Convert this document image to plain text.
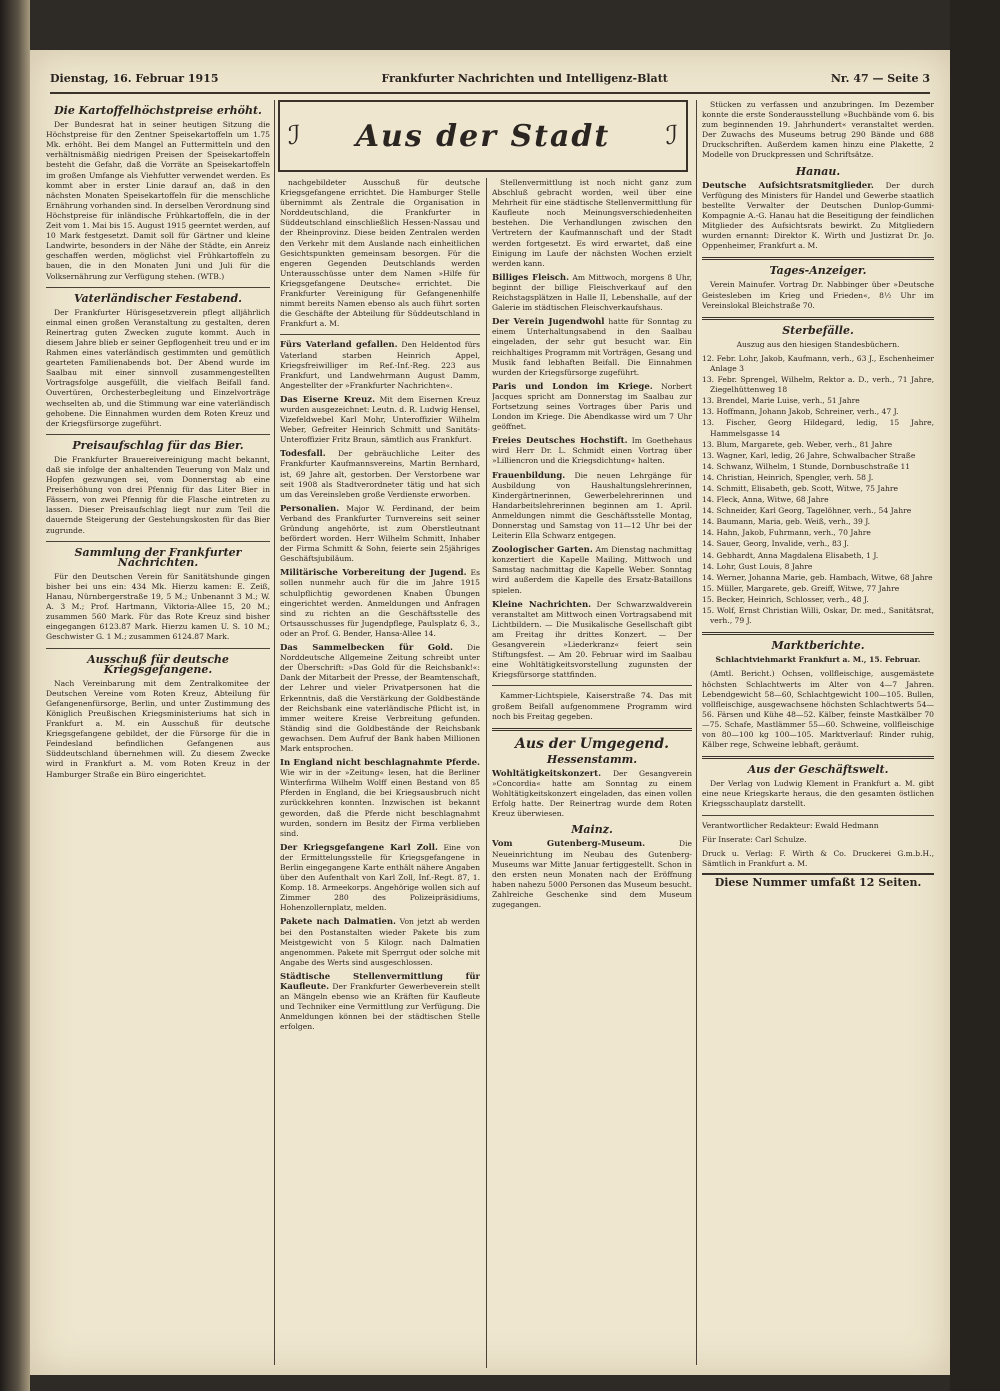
Dienstag, 16. Februar 1915	Frankfurter Nachrichten und Intelligenz-Blatt	Nr. 47 — Seite 3
Die Kartoffelhöchstpreise erhöht.

Der Bundesrat hat in seiner heutigen Sitzung die Höchstpreise für den Zentner Speisekartoffeln um 1.75 Mk. erhöht. Bei dem Mangel an Futtermitteln und den verhältnismäßig niedrigen Preisen der Speisekartoffeln besteht die Gefahr, daß die Vorräte an Speisekartoffeln im großen Umfange als Viehfutter verwendet werden. Es kommt aber in erster Linie darauf an, daß in den nächsten Monaten Speisekartoffeln für die menschliche Ernährung vorhanden sind. In derselben Verordnung sind Höchstpreise für inländische Frühkartoffeln, die in der Zeit vom 1. Mai bis 15. August 1915 geerntet werden, auf 10 Mark festgesetzt. Damit soll für Gärtner und kleine Landwirte, besonders in der Nähe der Städte, ein Anreiz geschaffen werden, möglichst viel Frühkartoffeln zu bauen, die in den Monaten Juni und Juli für die Volksernährung zur Verfügung stehen. (WTB.)

Vaterländischer Festabend.

Der Frankfurter Hürisgesetzverein pflegt alljährlich einmal einen großen Veranstaltung zu gestalten, deren Reinertrag guten Zwecken zugute kommt. Auch in diesem Jahre blieb er seiner Gepflogenheit treu und er im Rahmen eines vaterländisch gestimmten und gemütlich gearteten Familienabends bot. Der Abend wurde im Saalbau mit einer sinnvoll zusammengestellten Vortragsfolge ausgefüllt, die vielfach Beifall fand. Ouvertüren, Orchesterbegleitung und Einzelvorträge wechselten ab, und die Stimmung war eine vaterländisch gehobene. Die Einnahmen wurden dem Roten Kreuz und der Kriegsfürsorge zugeführt.

Preisaufschlag für das Bier.

Die Frankfurter Brauereivereinigung macht bekannt, daß sie infolge der anhaltenden Teuerung von Malz und Hopfen gezwungen sei, vom Donnerstag ab eine Preiserhöhung von drei Pfennig für das Liter Bier in Fässern, von zwei Pfennig für die Flasche eintreten zu lassen. Dieser Preisaufschlag liegt nur zum Teil die dauernde Steigerung der Gestehungskosten für das Bier zugrunde.

Sammlung der Frankfurter Nachrichten.

Für den Deutschen Verein für Sanitätshunde gingen bisher bei uns ein: 434 Mk. Hierzu kamen: E. Zeiß, Hanau, Nürnbergerstraße 19, 5 M.; Unbenannt 3 M.; W. A. 3 M.; Prof. Hartmann, Viktoria-Allee 15, 20 M.; zusammen 560 Mark. Für das Rote Kreuz sind bisher eingegangen 6123.87 Mark. Hierzu kamen U. S. 10 M.; Geschwister G. 1 M.; zusammen 6124.87 Mark.

Ausschuß für deutsche Kriegsgefangene.

Nach Vereinbarung mit dem Zentralkomitee der Deutschen Vereine vom Roten Kreuz, Abteilung für Gefangenenfürsorge, Berlin, und unter Zustimmung des Königlich Preußischen Kriegsministeriums hat sich in Frankfurt a. M. ein Ausschuß für deutsche Kriegsgefangene gebildet, der die Fürsorge für die in Feindesland befindlichen Gefangenen aus Süddeutschland übernehmen will. Zu diesem Zwecke wird in Frankfurt a. M. vom Roten Kreuz in der Hamburger Straße ein Büro eingerichtet.

ℐ Aus der Stadt ℐ

nachgebildeter Ausschuß für deutsche Kriegsgefangene errichtet. Die Hamburger Stelle übernimmt als Zentrale die Organisation in Norddeutschland, die Frankfurter in Süddeutschland einschließlich Hessen-Nassau und der Rheinprovinz. Diese beiden Zentralen werden den Verkehr mit dem Auslande nach einheitlichen Gesichtspunkten gemeinsam besorgen. Für die engeren Gegenden Deutschlands werden Unterausschüsse unter dem Namen »Hilfe für Kriegsgefangene Deutsche« errichtet. Die Frankfurter Vereinigung für Gefangenenhilfe nimmt bereits Namen ebenso als auch führt sorten die Geschäfte der Abteilung für Süddeutschland in Frankfurt a. M.

Fürs Vaterland gefallen. Den Heldentod fürs Vaterland starben Heinrich Appel, Kriegsfreiwilliger im Ref.-Inf.-Reg. 223 aus Frankfurt, und Landwehrmann August Damm, Angestellter der »Frankfurter Nachrichten«.

Das Eiserne Kreuz. Mit dem Eisernen Kreuz wurden ausgezeichnet: Leutn. d. R. Ludwig Hensel, Vizefeldwebel Karl Mohr, Unteroffizier Wilhelm Weber, Gefreiter Heinrich Schmitt und Sanitäts-Unteroffizier Fritz Braun, sämtlich aus Frankfurt.

Todesfall. Der gebräuchliche Leiter des Frankfurter Kaufmannsvereins, Martin Bernhard, ist, 69 Jahre alt, gestorben. Der Verstorbene war seit 1908 als Stadtverordneter tätig und hat sich um das Vereinsleben große Verdienste erworben.

Personalien. Major W. Ferdinand, der beim Verband des Frankfurter Turnvereins seit seiner Gründung angehörte, ist zum Oberstleutnant befördert worden. Herr Wilhelm Schmitt, Inhaber der Firma Schmitt & Sohn, feierte sein 25jähriges Geschäftsjubiläum.

Militärische Vorbereitung der Jugend. Es sollen nunmehr auch für die im Jahre 1915 schulpflichtig gewordenen Knaben Übungen eingerichtet werden. Anmeldungen und Anfragen sind zu richten an die Geschäftsstelle des Ortsausschusses für Jugendpflege, Paulsplatz 6, 3., oder an Prof. G. Bender, Hansa-Allee 14.

Das Sammelbecken für Gold. Die Norddeutsche Allgemeine Zeitung schreibt unter der Überschrift: »Das Gold für die Reichsbank!«: Dank der Mitarbeit der Presse, der Beamtenschaft, der Lehrer und vieler Privatpersonen hat die Erkenntnis, daß die Verstärkung der Goldbestände der Reichsbank eine vaterländische Pflicht ist, in immer weitere Kreise Verbreitung gefunden. Ständig sind die Goldbestände der Reichsbank gewachsen. Dem Aufruf der Bank haben Millionen Mark entsprochen.

In England nicht beschlagnahmte Pferde. Wie wir in der »Zeitung« lesen, hat die Berliner Winterfirma Wilhelm Wolff einen Bestand von 85 Pferden in England, die bei Kriegsausbruch nicht zurückkehren konnten. Inzwischen ist bekannt geworden, daß die Pferde nicht beschlagnahmt wurden, sondern im Besitz der Firma verblieben sind.

Der Kriegsgefangene Karl Zoll. Eine von der Ermittelungsstelle für Kriegsgefangene in Berlin eingegangene Karte enthält nähere Angaben über den Aufenthalt von Karl Zoll, Inf.-Regt. 87, 1. Komp. 18. Armeekorps. Angehörige wollen sich auf Zimmer 280 des Polizeipräsidiums, Hohenzollernplatz, melden.

Pakete nach Dalmatien. Von jetzt ab werden bei den Postanstalten wieder Pakete bis zum Meistgewicht von 5 Kilogr. nach Dalmatien angenommen. Pakete mit Sperrgut oder solche mit Angabe des Werts sind ausgeschlossen.

Städtische Stellenvermittlung für Kaufleute. Der Frankfurter Gewerbeverein stellt an Mängeln ebenso wie an Kräften für Kaufleute und Techniker eine Vermittlung zur Verfügung. Die Anmeldungen können bei der städtischen Stelle erfolgen.

Stellenvermittlung ist noch nicht ganz zum Abschluß gebracht worden, weil über eine Mehrheit für eine städtische Stellenvermittlung für Kaufleute noch Meinungsverschiedenheiten bestehen. Die Verhandlungen zwischen den Vertretern der Kaufmannschaft und der Stadt werden fortgesetzt. Es wird erwartet, daß eine Einigung im Laufe der nächsten Wochen erzielt werden kann.

Billiges Fleisch. Am Mittwoch, morgens 8 Uhr, beginnt der billige Fleischverkauf auf den Reichstagsplätzen in Halle II, Lebenshalle, auf der Galerie im städtischen Fleischverkaufshaus.

Der Verein Jugendwohl hatte für Sonntag zu einem Unterhaltungsabend in den Saalbau eingeladen, der sehr gut besucht war. Ein reichhaltiges Programm mit Vorträgen, Gesang und Musik fand lebhaften Beifall. Die Einnahmen wurden der Kriegsfürsorge zugeführt.

Paris und London im Kriege. Norbert Jacques spricht am Donnerstag im Saalbau zur Fortsetzung seines Vortrages über Paris und London im Kriege. Die Abendkasse wird um 7 Uhr geöffnet.

Freies Deutsches Hochstift. Im Goethehaus wird Herr Dr. L. Schmidt einen Vortrag über »Lilliencron und die Kriegsdichtung« halten.

Frauenbildung. Die neuen Lehrgänge für Ausbildung von Haushaltungslehrerinnen, Kindergärtnerinnen, Gewerbelehrerinnen und Handarbeitslehrerinnen beginnen am 1. April. Anmeldungen nimmt die Geschäftsstelle Montag, Donnerstag und Samstag von 11—12 Uhr bei der Leiterin Ella Schwarz entgegen.

Zoologischer Garten. Am Dienstag nachmittag konzertiert die Kapelle Mailing, Mittwoch und Samstag nachmittag die Kapelle Weber. Sonntag wird außerdem die Kapelle des Ersatz-Bataillons spielen.

Kleine Nachrichten. Der Schwarzwaldverein veranstaltet am Mittwoch einen Vortragsabend mit Lichtbildern. — Die Musikalische Gesellschaft gibt am Freitag ihr drittes Konzert. — Der Gesangverein »Liederkranz« feiert sein Stiftungsfest. — Am 20. Februar wird im Saalbau eine Wohltätigkeitsvorstellung zugunsten der Kriegsfürsorge stattfinden.

Kammer-Lichtspiele, Kaiserstraße 74. Das mit großem Beifall aufgenommene Programm wird noch bis Freitag gegeben.

Aus der Umgegend.
Hessenstamm.

Wohltätigkeitskonzert. Der Gesangverein »Concordia« hatte am Sonntag zu einem Wohltätigkeitskonzert eingeladen, das einen vollen Erfolg hatte. Der Reinertrag wurde dem Roten Kreuz überwiesen.

Mainz.

Vom Gutenberg-Museum.	Die Neueinrichtung im Neubau des Gutenberg-Museums war Mitte Januar fertiggestellt. Schon in den ersten neun Monaten nach der Eröffnung haben nahezu 5000 Personen das Museum besucht. Zahlreiche Geschenke sind dem Museum zugegangen.

Stücken zu verfassen und anzubringen. Im Dezember konnte die erste Sonderausstellung »Buchbände vom 6. bis zum beginnenden 19. Jahrhundert« veranstaltet werden. Der Zuwachs des Museums betrug 290 Bände und 688 Druckschriften. Außerdem kamen hinzu eine Plakette, 2 Modelle von Druckpressen und Schriftsätze.

Hanau.

Deutsche Aufsichtsratsmitglieder. Der durch Verfügung des Ministers für Handel und Gewerbe staatlich bestellte Verwalter der Deutschen Dunlop-Gummi-Kompagnie A.-G. Hanau hat die Beseitigung der feindlichen Mitglieder des Aufsichtsrats bewirkt. Zu Mitgliedern wurden ernannt: Direktor K. Wirth und Justizrat Dr. Jo. Oppenheimer, Frankfurt a. M.

Tages-Anzeiger.

Verein Mainufer. Vortrag Dr. Nabbinger über »Deutsche Geistesleben im Krieg und Frieden«, 8½ Uhr im Vereinslokal Bleichstraße 70.

Sterbefälle.

Auszug aus den hiesigen Standesbüchern.

12. Febr. Lohr, Jakob, Kaufmann, verh., 63 J., Eschenheimer Anlage 3

13. Febr. Sprengel, Wilhelm, Rektor a. D., verh., 71 Jahre, Ziegelhüttenweg 18

13. Brendel, Marie Luise, verh., 51 Jahre

13. Hoffmann, Johann Jakob, Schreiner, verh., 47 J.

13. Fischer, Georg Hildegard, ledig, 15 Jahre, Hammelsgasse 14

13. Blum, Margarete, geb. Weber, verh., 81 Jahre

13. Wagner, Karl, ledig, 26 Jahre, Schwalbacher Straße

14. Schwanz, Wilhelm, 1 Stunde, Dornbuschstraße 11

14. Christian, Heinrich, Spengler, verh. 58 J.

14. Schmitt, Elisabeth, geb. Scott, Witwe, 75 Jahre

14. Fleck, Anna, Witwe, 68 Jahre

14. Schneider, Karl Georg, Tagelöhner, verh., 54 Jahre

14. Baumann, Maria, geb. Weiß, verh., 39 J.

14. Hahn, Jakob, Fuhrmann, verh., 70 Jahre

14. Sauer, Georg, Invalide, verh., 83 J.

14. Gebhardt, Anna Magdalena Elisabeth, 1 J.

14. Lohr, Gust Louis, 8 Jahre

14. Werner, Johanna Marie, geb. Hambach, Witwe, 68 Jahre

15. Müller, Margarete, geb. Greiff, Witwe, 77 Jahre

15. Becker, Heinrich, Schlosser, verh., 48 J.

15. Wolf, Ernst Christian Willi, Oskar, Dr. med., Sanitätsrat, verh., 79 J.

Marktberichte.

Schlachtviehmarkt Frankfurt a. M., 15. Februar.

(Amtl. Bericht.) Ochsen, vollfleischige, ausgemästete höchsten Schlachtwerts im Alter von 4—7 Jahren. Lebendgewicht 58—60, Schlachtgewicht 100—105. Bullen, vollfleischige, ausgewachsene höchsten Schlachtwerts 54—56. Färsen und Kühe 48—52. Kälber, feinste Mastkälber 70—75. Schafe, Mastlämmer 55—60. Schweine, vollfleischige von 80—100 kg 100—105. Marktverlauf: Rinder ruhig, Kälber rege, Schweine lebhaft, geräumt.

Aus der Geschäftswelt.

Der Verlag von Ludwig Klement in Frankfurt a. M. gibt eine neue Kriegskarte heraus, die den gesamten östlichen Kriegsschauplatz darstellt.

Verantwortlicher Redakteur: Ewald Hedmann

Für Inserate: Carl Schulze.

Druck u. Verlag: F. Wirth & Co. Druckerei G.m.b.H., Sämtlich in Frankfurt a. M.

Diese Nummer umfaßt 12 Seiten.
